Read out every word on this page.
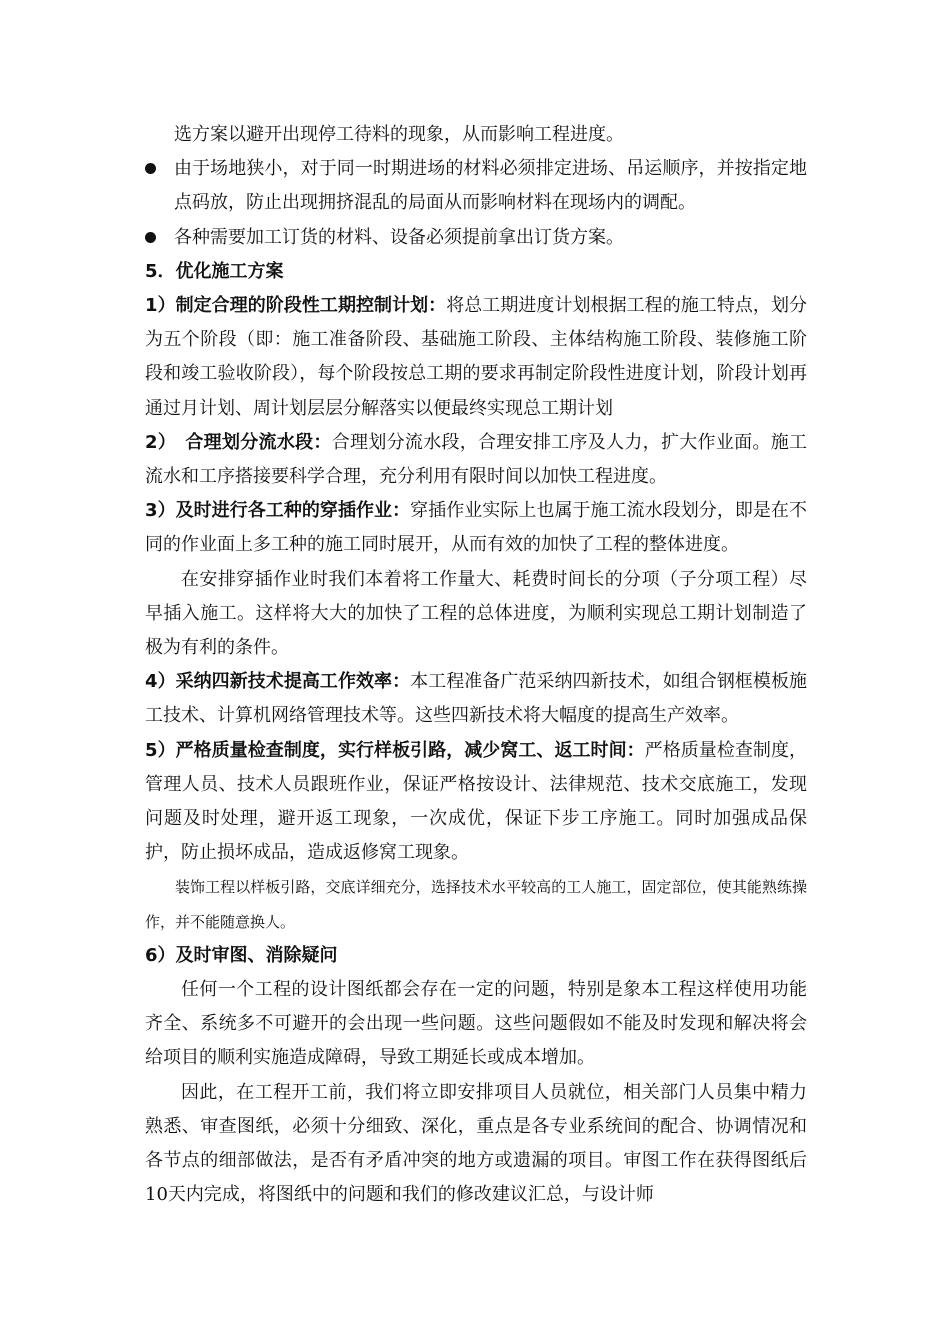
选方案以避开出现停工待料的现象，从而影响工程进度。

由于场地狭小，对于同一时期进场的材料必须排定进场、吊运顺序，并按指定地点码放，防止出现拥挤混乱的局面从而影响材料在现场内的调配。

各种需要加工订货的材料、设备必须提前拿出订货方案。

5．优化施工方案

1）制定合理的阶段性工期控制计划：将总工期进度计划根据工程的施工特点，划分为五个阶段（即：施工准备阶段、基础施工阶段、主体结构施工阶段、装修施工阶段和竣工验收阶段），每个阶段按总工期的要求再制定阶段性进度计划，阶段计划再通过月计划、周计划层层分解落实以便最终实现总工期计划

2）　合理划分流水段：合理划分流水段，合理安排工序及人力，扩大作业面。施工流水和工序搭接要科学合理，充分利用有限时间以加快工程进度。

3）及时进行各工种的穿插作业：穿插作业实际上也属于施工流水段划分，即是在不同的作业面上多工种的施工同时展开，从而有效的加快了工程的整体进度。

在安排穿插作业时我们本着将工作量大、耗费时间长的分项（子分项工程）尽早插入施工。这样将大大的加快了工程的总体进度，为顺利实现总工期计划制造了极为有利的条件。

4）采纳四新技术提高工作效率：本工程准备广范采纳四新技术，如组合钢框模板施工技术、计算机网络管理技术等。这些四新技术将大幅度的提高生产效率。

5）严格质量检查制度，实行样板引路，减少窝工、返工时间：严格质量检查制度，管理人员、技术人员跟班作业，保证严格按设计、法律规范、技术交底施工，发现问题及时处理，避开返工现象，一次成优，保证下步工序施工。同时加强成品保护，防止损坏成品，造成返修窝工现象。

装饰工程以样板引路，交底详细充分，选择技术水平较高的工人施工，固定部位，使其能熟练操作，并不能随意换人。

6）及时审图、消除疑问

任何一个工程的设计图纸都会存在一定的问题，特别是象本工程这样使用功能齐全、系统多不可避开的会出现一些问题。这些问题假如不能及时发现和解决将会给项目的顺利实施造成障碍，导致工期延长或成本增加。

因此，在工程开工前，我们将立即安排项目人员就位，相关部门人员集中精力熟悉、审查图纸，必须十分细致、深化，重点是各专业系统间的配合、协调情况和各节点的细部做法，是否有矛盾冲突的地方或遗漏的项目。审图工作在获得图纸后10天内完成，将图纸中的问题和我们的修改建议汇总，与设计师
